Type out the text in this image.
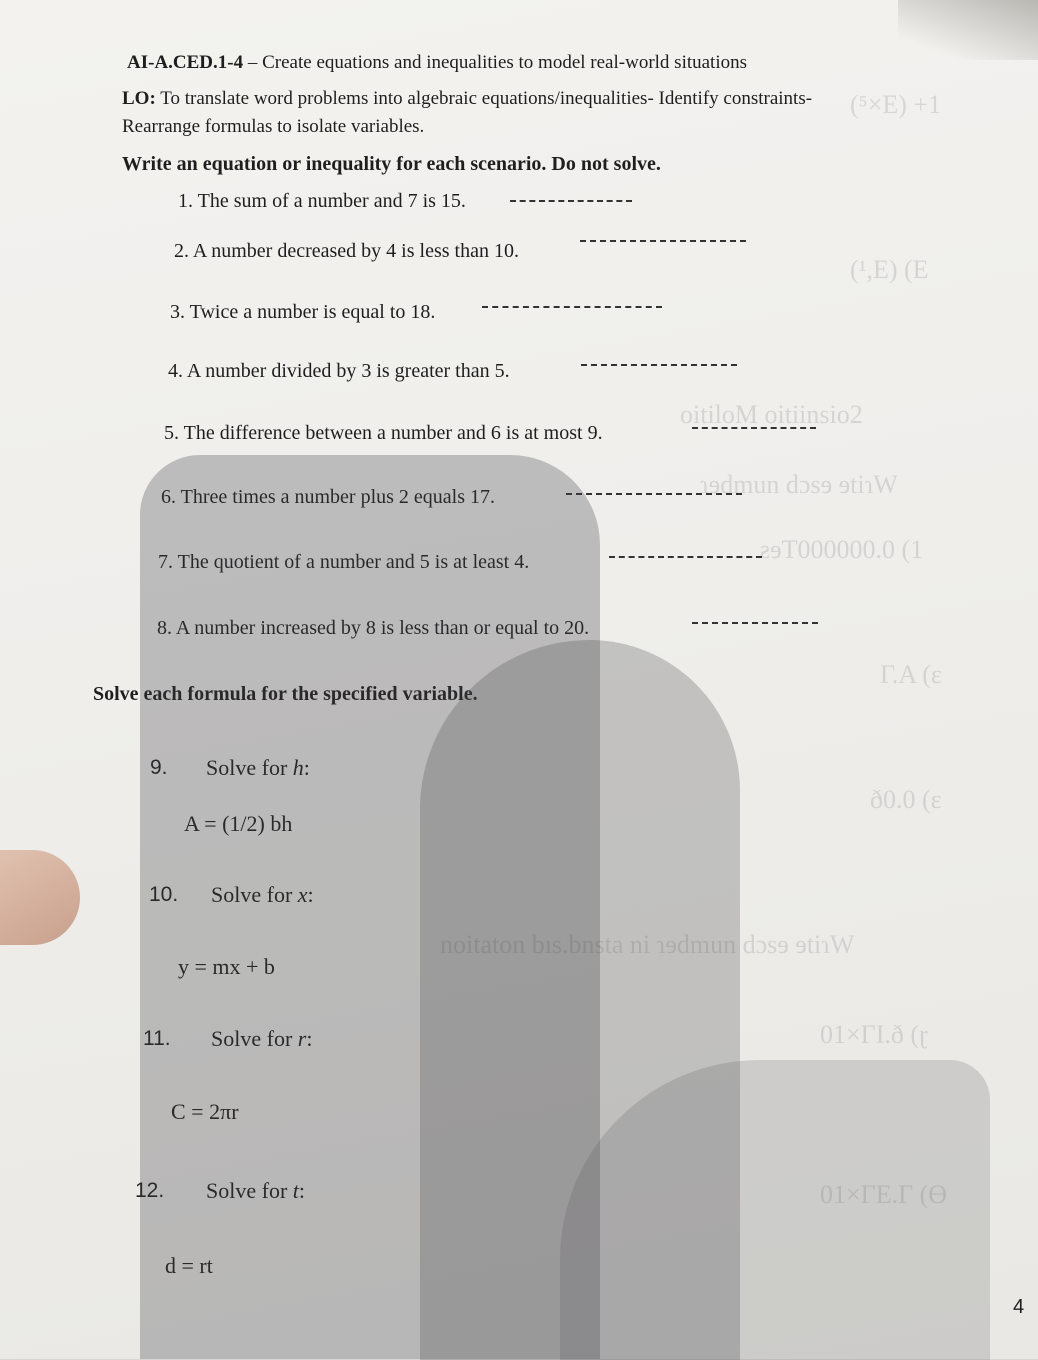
(⁵×E) +1
(¹,E) (E
oitiloM oitiinsio2
ɿɘdmun dɔsɘ ɘtiɿW
ƨɘT000000.0 (1
Γ.A (ɛ
ð0.0 (ɛ
noitaton bıs.bnsta ni ɿɘdmun dɔsɘ ɘtiɿW
01×ΓΙ.ð (ɽ
01×ΓΕ.Γ (Ɵ

AI-A.CED.1-4 – Create equations and inequalities to model real-world situations

LO: To translate word problems into algebraic equations/inequalities- Identify constraints-

Rearrange formulas to isolate variables.

Write an equation or inequality for each scenario. Do not solve.

1. The sum of a number and 7 is 15.

2. A number decreased by 4 is less than 10.

3. Twice a number is equal to 18.

4. A number divided by 3 is greater than 5.

5. The difference between a number and 6 is at most 9.

6. Three times a number plus 2 equals 17.

7. The quotient of a number and 5 is at least 4.

8. A number increased by 8 is less than or equal to 20.

Solve each formula for the specified variable.

9. Solve for h:

A = (1/2) bh

10. Solve for x:

y = mx + b

11. Solve for r:

C = 2πr

12. Solve for t:

d = rt

4
